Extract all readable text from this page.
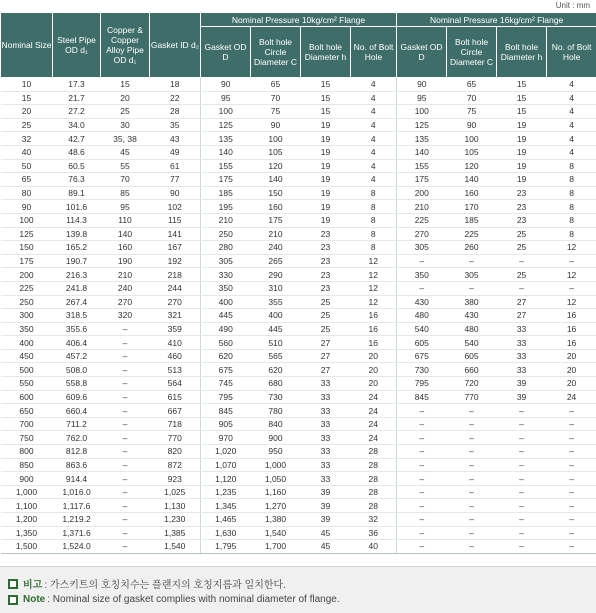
Unit : mm
Nominal Size	Steel Pipe OD d₁	Copper & Copper Alloy Pipe OD d₁	Gasket ID d₂	Nominal Pressure 10kg/cm² Flange				Nominal Pressure 16kg/cm² Flange			
				Gasket OD D	Bolt hole Circle Diameter C	Bolt hole Diameter h	No. of Bolt Hole	Gasket OD D	Bolt hole Circle Diameter C	Bolt hole Diameter h	No. of Bolt Hole
10	17.3	15	18	90	65	15	4	90	65	15	4
15	21.7	20	22	95	70	15	4	95	70	15	4
20	27.2	25	28	100	75	15	4	100	75	15	4
25	34.0	30	35	125	90	19	4	125	90	19	4
32	42.7	35, 38	43	135	100	19	4	135	100	19	4
40	48.6	45	49	140	105	19	4	140	105	19	4
50	60.5	55	61	155	120	19	4	155	120	19	8
65	76.3	70	77	175	140	19	4	175	140	19	8
80	89.1	85	90	185	150	19	8	200	160	23	8
90	101.6	95	102	195	160	19	8	210	170	23	8
100	114.3	110	115	210	175	19	8	225	185	23	8
125	139.8	140	141	250	210	23	8	270	225	25	8
150	165.2	160	167	280	240	23	8	305	260	25	12
175	190.7	190	192	305	265	23	12	–	–	–	–
200	216.3	210	218	330	290	23	12	350	305	25	12
225	241.8	240	244	350	310	23	12	–	–	–	–
250	267.4	270	270	400	355	25	12	430	380	27	12
300	318.5	320	321	445	400	25	16	480	430	27	16
350	355.6	–	359	490	445	25	16	540	480	33	16
400	406.4	–	410	560	510	27	16	605	540	33	16
450	457.2	–	460	620	565	27	20	675	605	33	20
500	508.0	–	513	675	620	27	20	730	660	33	20
550	558.8	–	564	745	680	33	20	795	720	39	20
600	609.6	–	615	795	730	33	24	845	770	39	24
650	660.4	–	667	845	780	33	24	–	–	–	–
700	711.2	–	718	905	840	33	24	–	–	–	–
750	762.0	–	770	970	900	33	24	–	–	–	–
800	812.8	–	820	1,020	950	33	28	–	–	–	–
850	863.6	–	872	1,070	1,000	33	28	–	–	–	–
900	914.4	–	923	1,120	1,050	33	28	–	–	–	–
1,000	1,016.0	–	1,025	1,235	1,160	39	28	–	–	–	–
1,100	1,117.6	–	1,130	1,345	1,270	39	28	–	–	–	–
1,200	1,219.2	–	1,230	1,465	1,380	39	32	–	–	–	–
1,350	1,371.6	–	1,385	1,630	1,540	45	36	–	–	–	–
1,500	1,524.0	–	1,540	1,795	1,700	45	40	–	–	–	–
비고 : 가스키트의 호칭치수는 플랜지의 호칭지름과 일치한다.
Note : Nominal size of gasket complies with nominal diameter of flange.
